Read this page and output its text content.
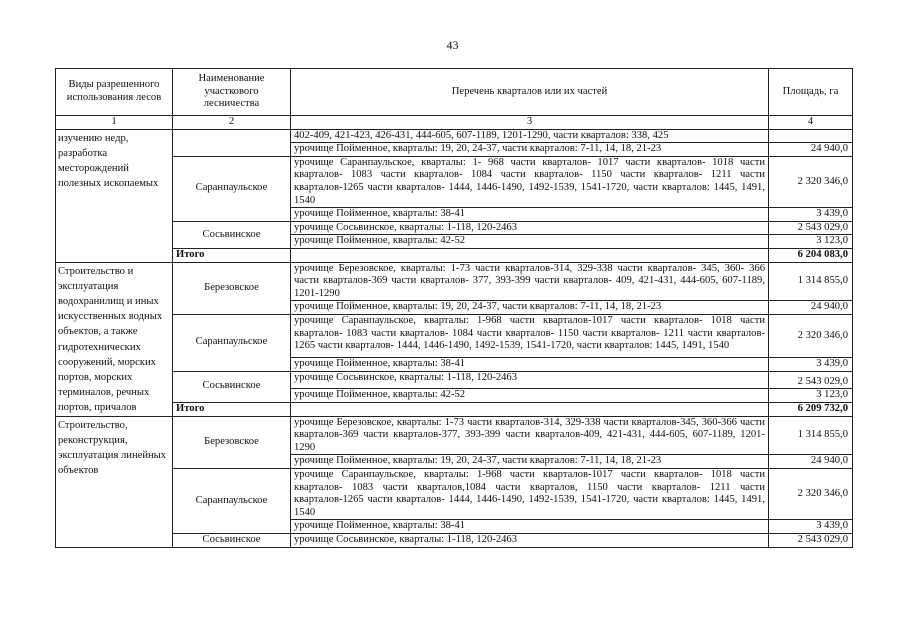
43
Виды разрешенного использования лесов	Наименование участкового лесничества	Перечень кварталов или их частей	Площадь, га
1	2	3	4
изучению недр, разработка месторождений полезных ископаемых		402-409, 421-423, 426-431, 444-605, 607-1189, 1201-1290, части кварталов: 338, 425	
		урочище Пойменное, кварталы: 19, 20, 24-37, части кварталов: 7-11, 14, 18, 21-23	24 940,0
	Саранпаульское	урочище Саранпаульское, кварталы: 1- 968 части кварталов- 1017 части кварталов- 1018 части кварталов- 1083 части кварталов- 1084 части кварталов- 1150 части кварталов- 1211 части кварталов-1265 части кварталов- 1444, 1446-1490, 1492-1539, 1541-1720, части кварталов: 1445, 1491, 1540	2 320 346,0
		урочище Пойменное, кварталы: 38-41	3 439,0
	Сосьвинское	урочище Сосьвинское, кварталы: 1-118, 120-2463	2 543 029,0
		урочище Пойменное, кварталы: 42-52	3 123,0
	Итого		6 204 083,0
Строительство и эксплуатация водохранилищ и иных искусственных водных объектов, а также гидротехнических сооружений, морских портов, морских терминалов, речных портов, причалов	Березовское	урочище Березовское, кварталы: 1-73 части кварталов-314, 329-338 части кварталов- 345, 360- 366 части кварталов-369 части кварталов- 377, 393-399 части кварталов- 409, 421-431, 444-605, 607-1189, 1201-1290	1 314 855,0
		урочище Пойменное, кварталы: 19, 20, 24-37, части кварталов: 7-11, 14, 18, 21-23	24 940,0
	Саранпаульское	урочище Саранпаульское, кварталы: 1-968 части кварталов-1017 части кварталов- 1018 части кварталов- 1083 части кварталов- 1084 части кварталов- 1150 части кварталов- 1211 части кварталов- 1265 части кварталов- 1444, 1446-1490, 1492-1539, 1541-1720, части кварталов: 1445, 1491, 1540	2 320 346,0
		урочище Пойменное, кварталы: 38-41	3 439,0
	Сосьвинское	урочище Сосьвинское, кварталы: 1-118, 120-2463	2 543 029,0
		урочище Пойменное, кварталы: 42-52	3 123,0
	Итого		6 209 732,0
Строительство, реконструкция, эксплуатация линейных объектов	Березовское	урочище Березовское, кварталы: 1-73 части кварталов-314, 329-338 части кварталов-345, 360-366 части кварталов-369 части кварталов-377, 393-399 части кварталов-409, 421-431, 444-605, 607-1189, 1201-1290	1 314 855,0
		урочище Пойменное, кварталы: 19, 20, 24-37, части кварталов: 7-11, 14, 18, 21-23	24 940,0
	Саранпаульское	урочище Саранпаульское, кварталы: 1-968 части кварталов-1017 части кварталов- 1018 части кварталов- 1083 части кварталов,1084 части кварталов, 1150 части кварталов- 1211 части кварталов-1265 части кварталов- 1444, 1446-1490, 1492-1539, 1541-1720, части кварталов: 1445, 1491, 1540	2 320 346,0
		урочище Пойменное, кварталы: 38-41	3 439,0
	Сосьвинское	урочище Сосьвинское, кварталы: 1-118, 120-2463	2 543 029,0
